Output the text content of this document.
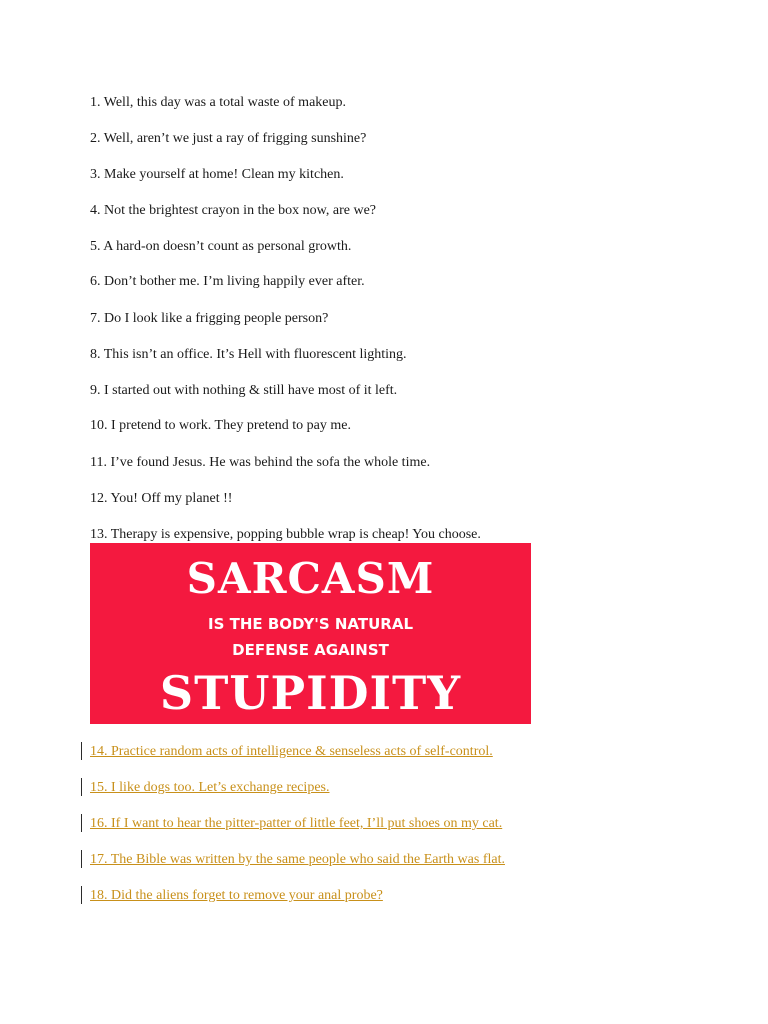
1. Well, this day was a total waste of makeup.
2. Well, aren’t we just a ray of frigging sunshine?
3. Make yourself at home! Clean my kitchen.
4. Not the brightest crayon in the box now, are we?
5. A hard-on doesn’t count as personal growth.
6. Don’t bother me. I’m living happily ever after.
7. Do I look like a frigging people person?
8. This isn’t an office. It’s Hell with fluorescent lighting.
9. I started out with nothing & still have most of it left.
10. I pretend to work. They pretend to pay me.
11. I’ve found Jesus. He was behind the sofa the whole time.
12. You! Off my planet !!
13. Therapy is expensive, popping bubble wrap is cheap! You choose.
SARCASM
IS THE BODY'S NATURAL
DEFENSE AGAINST
STUPIDITY
14. Practice random acts of intelligence & senseless acts of self-control.
15. I like dogs too. Let’s exchange recipes.
16. If I want to hear the pitter-patter of little feet, I’ll put shoes on my cat.
17. The Bible was written by the same people who said the Earth was flat.
18. Did the aliens forget to remove your anal probe?
